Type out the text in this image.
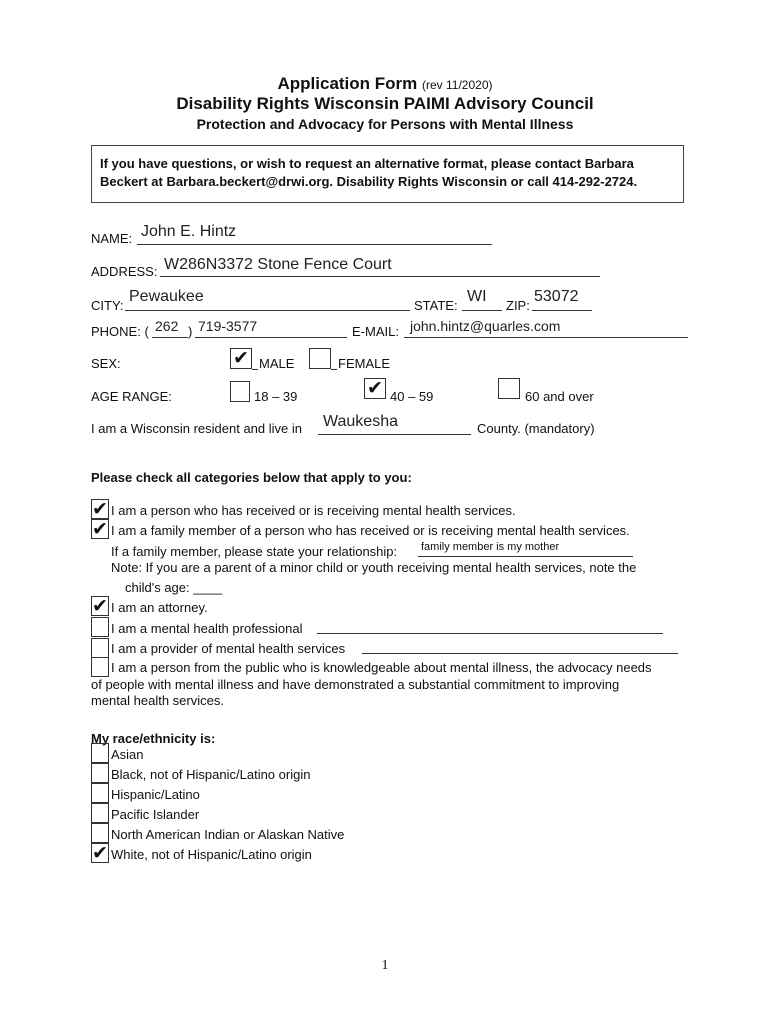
Application Form (rev 11/2020)
Disability Rights Wisconsin PAIMI Advisory Council
Protection and Advocacy for Persons with Mental Illness
If you have questions, or wish to request an alternative format, please contact Barbara
Beckert at Barbara.beckert@drwi.org. Disability Rights Wisconsin or call 414-292-2724.
NAME: John E. Hintz
ADDRESS: W286N3372 Stone Fence Court
CITY:
Pewaukee
STATE:
WI
ZIP:
53072
PHONE: ( 262 ) 719-3577	E-MAIL: john.hintz@quarles.com
SEX:	✔ MALE	FEMALE
AGE RANGE:	18 – 39	✔ 40 – 59	60 and over
I am a Wisconsin resident and live in Waukesha	County. (mandatory)
Please check all categories below that apply to you:
✔ I am a person who has received or is receiving mental health services.
✔ I am a family member of a person who has received or is receiving mental health services.
If a family member, please state your relationship: family member is my mother
Note: If you are a parent of a minor child or youth receiving mental health services, note the
child's age: ____
✔ I am an attorney.
I am a mental health professional
I am a provider of mental health services
I am a person from the public who is knowledgeable about mental illness, the advocacy needs
of people with mental illness and have demonstrated a substantial commitment to improving
mental health services.
My race/ethnicity is:
Asian
Black, not of Hispanic/Latino origin
Hispanic/Latino
Pacific Islander
North American Indian or Alaskan Native
✔ White, not of Hispanic/Latino origin
1
